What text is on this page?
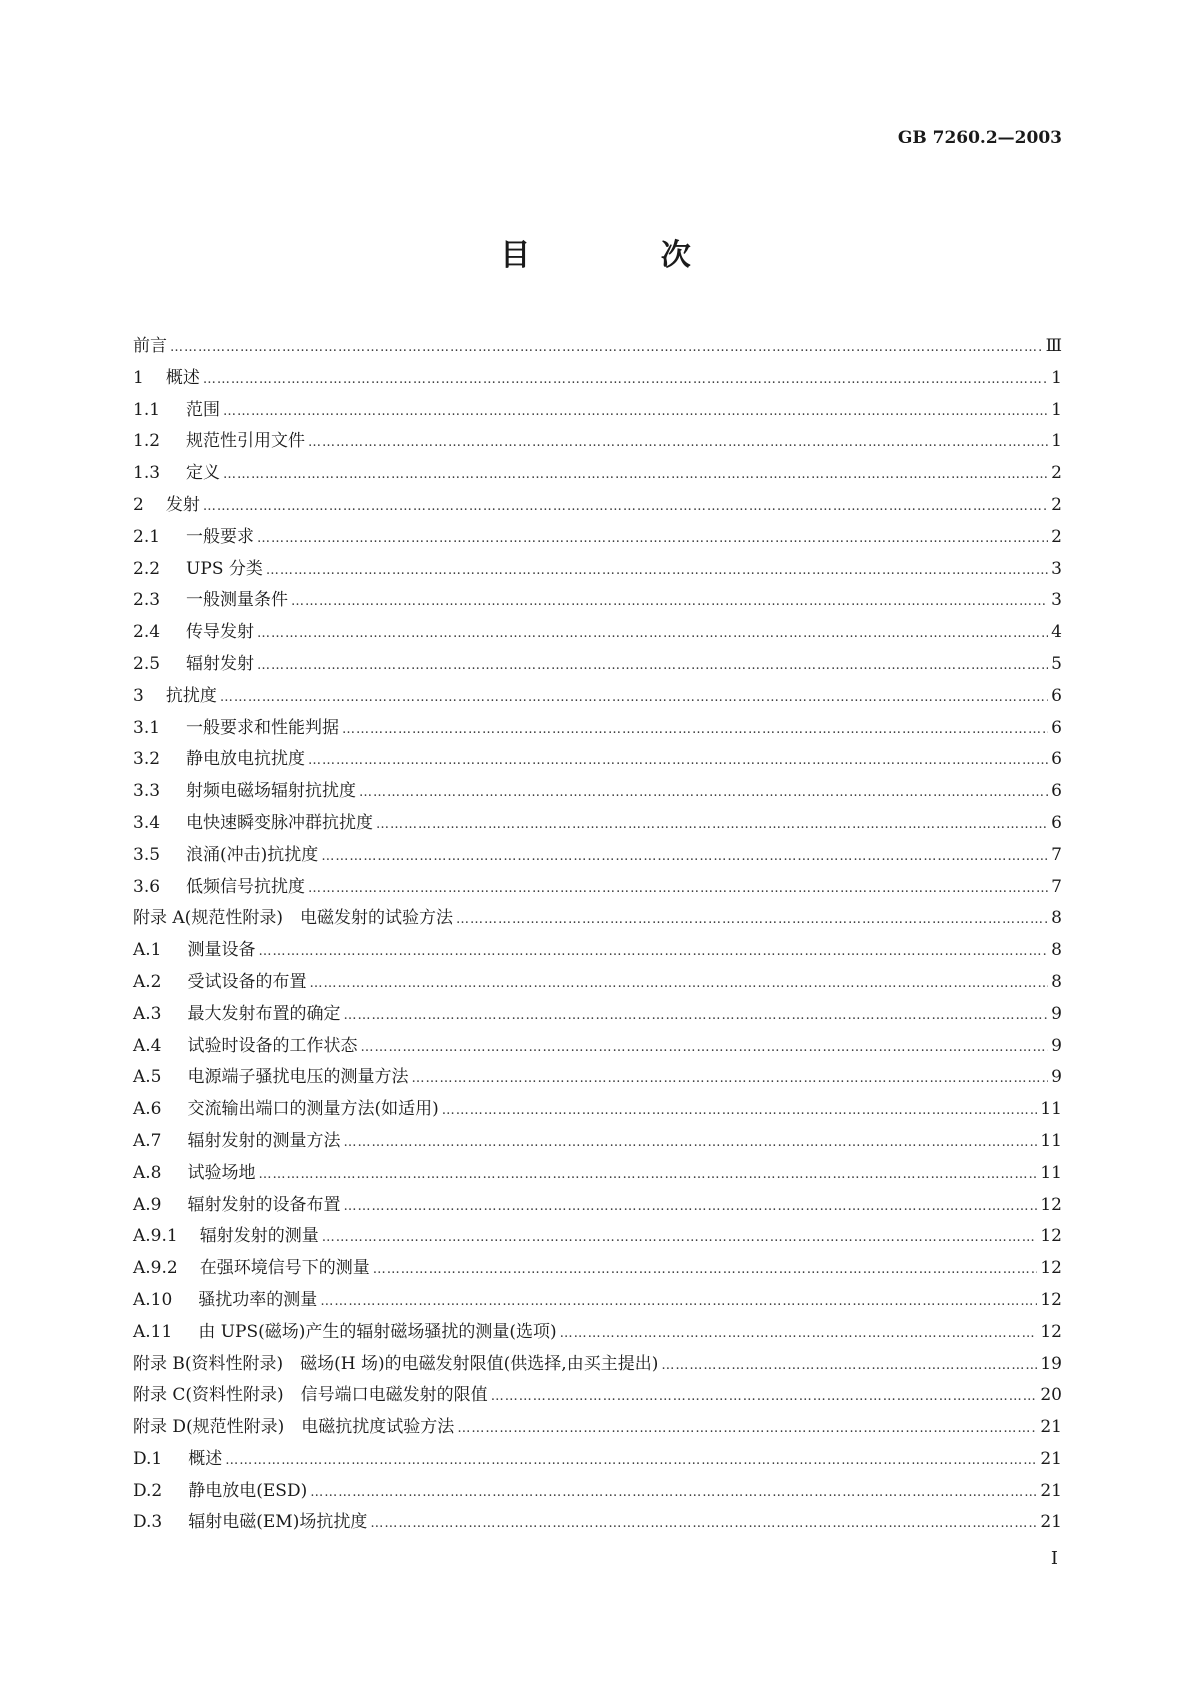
GB 7260.2—2003
目 次
前言 …………………………………………………………………………………………………………………………………………………………………………………………………………	Ⅲ
1 概述 …………………………………………………………………………………………………………………………………………………………………………………………………………	1
1.1 范围 …………………………………………………………………………………………………………………………………………………………………………………………………………	1
1.2 规范性引用文件 …………………………………………………………………………………………………………………………………………………………………………………………………………	1
1.3 定义 …………………………………………………………………………………………………………………………………………………………………………………………………………	2
2 发射 …………………………………………………………………………………………………………………………………………………………………………………………………………	2
2.1 一般要求 …………………………………………………………………………………………………………………………………………………………………………………………………………	2
2.2 UPS 分类 …………………………………………………………………………………………………………………………………………………………………………………………………………	3
2.3 一般测量条件 …………………………………………………………………………………………………………………………………………………………………………………………………………	3
2.4 传导发射 …………………………………………………………………………………………………………………………………………………………………………………………………………	4
2.5 辐射发射 …………………………………………………………………………………………………………………………………………………………………………………………………………	5
3 抗扰度 …………………………………………………………………………………………………………………………………………………………………………………………………………	6
3.1 一般要求和性能判据 …………………………………………………………………………………………………………………………………………………………………………………………………………	6
3.2 静电放电抗扰度 …………………………………………………………………………………………………………………………………………………………………………………………………………	6
3.3 射频电磁场辐射抗扰度 …………………………………………………………………………………………………………………………………………………………………………………………………………	6
3.4 电快速瞬变脉冲群抗扰度 …………………………………………………………………………………………………………………………………………………………………………………………………………	6
3.5 浪涌(冲击)抗扰度 …………………………………………………………………………………………………………………………………………………………………………………………………………	7
3.6 低频信号抗扰度 …………………………………………………………………………………………………………………………………………………………………………………………………………	7
附录 A(规范性附录)　电磁发射的试验方法 …………………………………………………………………………………………………………………………………………………………………………………………………………	8
A.1 测量设备 …………………………………………………………………………………………………………………………………………………………………………………………………………	8
A.2 受试设备的布置 …………………………………………………………………………………………………………………………………………………………………………………………………………	8
A.3 最大发射布置的确定 …………………………………………………………………………………………………………………………………………………………………………………………………………	9
A.4 试验时设备的工作状态 …………………………………………………………………………………………………………………………………………………………………………………………………………	9
A.5 电源端子骚扰电压的测量方法 …………………………………………………………………………………………………………………………………………………………………………………………………………	9
A.6 交流输出端口的测量方法(如适用) …………………………………………………………………………………………………………………………………………………………………………………………………………	11
A.7 辐射发射的测量方法 …………………………………………………………………………………………………………………………………………………………………………………………………………	11
A.8 试验场地 …………………………………………………………………………………………………………………………………………………………………………………………………………	11
A.9 辐射发射的设备布置 …………………………………………………………………………………………………………………………………………………………………………………………………………	12
A.9.1 辐射发射的测量 …………………………………………………………………………………………………………………………………………………………………………………………………………	12
A.9.2 在强环境信号下的测量 …………………………………………………………………………………………………………………………………………………………………………………………………………	12
A.10 骚扰功率的测量 …………………………………………………………………………………………………………………………………………………………………………………………………………	12
A.11 由 UPS(磁场)产生的辐射磁场骚扰的测量(选项) …………………………………………………………………………………………………………………………………………………………………………………………………………	12
附录 B(资料性附录)　磁场(H 场)的电磁发射限值(供选择,由买主提出) …………………………………………………………………………………………………………………………………………………………………………………………………………	19
附录 C(资料性附录)　信号端口电磁发射的限值 …………………………………………………………………………………………………………………………………………………………………………………………………………	20
附录 D(规范性附录)　电磁抗扰度试验方法 …………………………………………………………………………………………………………………………………………………………………………………………………………	21
D.1 概述 …………………………………………………………………………………………………………………………………………………………………………………………………………	21
D.2 静电放电(ESD) …………………………………………………………………………………………………………………………………………………………………………………………………………	21
D.3 辐射电磁(EM)场抗扰度 …………………………………………………………………………………………………………………………………………………………………………………………………………	21
I
